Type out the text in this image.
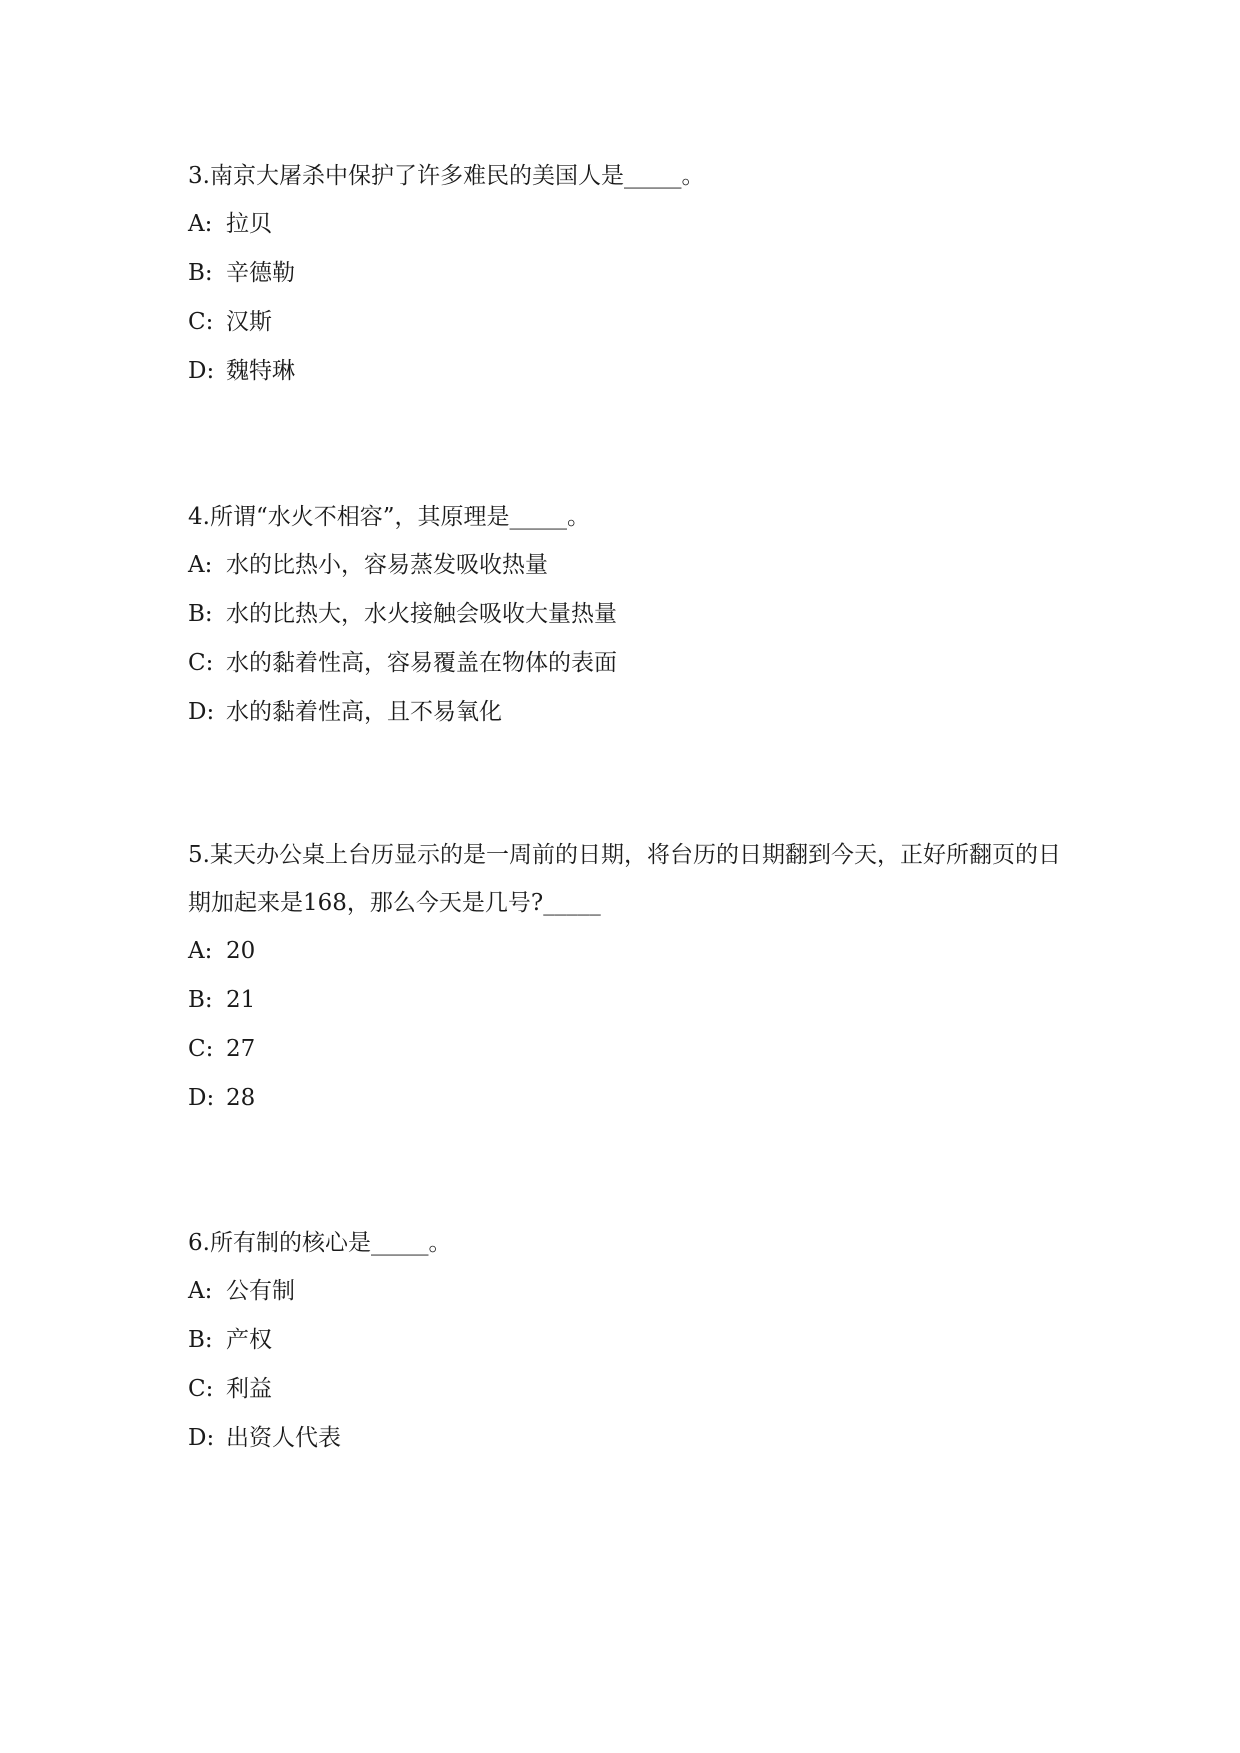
3.南京大屠杀中保护了许多难民的美国人是_____。

A: 拉贝

B: 辛德勒

C: 汉斯

D: 魏特琳

4.所谓“水火不相容”，其原理是_____。

A: 水的比热小，容易蒸发吸收热量

B: 水的比热大，水火接触会吸收大量热量

C: 水的黏着性高，容易覆盖在物体的表面

D: 水的黏着性高，且不易氧化

5.某天办公桌上台历显示的是一周前的日期，将台历的日期翻到今天，正好所翻页的日期加起来是168，那么今天是几号?_____

A: 20

B: 21

C: 27

D: 28

6.所有制的核心是_____。

A: 公有制

B: 产权

C: 利益

D: 出资人代表
